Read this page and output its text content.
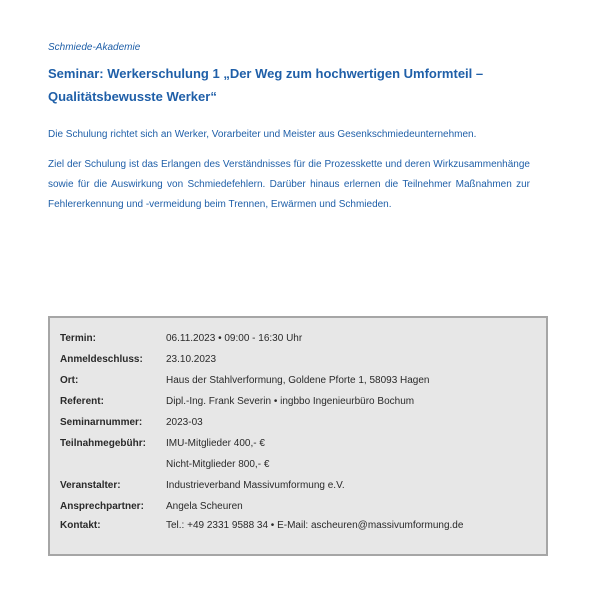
Schmiede-Akademie
Seminar: Werkerschulung 1 „Der Weg zum hochwertigen Umformteil –
Qualitätsbewusste Werker“
Die Schulung richtet sich an Werker, Vorarbeiter und Meister aus Gesenkschmiedeunternehmen.
Ziel der Schulung ist das Erlangen des Verständnisses für die Prozesskette und deren Wirkzusammenhänge sowie für die Auswirkung von Schmiedefehlern. Darüber hinaus erlernen die Teilnehmer Maßnahmen zur Fehlererkennung und -vermeidung beim Trennen, Erwärmen und Schmieden.
Termin:	06.11.2023 • 09:00 - 16:30 Uhr
Anmeldeschluss: 23.10.2023
Ort:	Haus der Stahlverformung, Goldene Pforte 1, 58093 Hagen
Referent:	Dipl.-Ing. Frank Severin • ingbbo Ingenieurbüro Bochum
Seminarnummer: 2023-03
Teilnahmegebühr: IMU-Mitglieder 400,- €
Nicht-Mitglieder 800,- €
Veranstalter:	Industrieverband Massivumformung e.V.
Ansprechpartner: Angela Scheuren
Kontakt:	Tel.: +49 2331 9588 34 • E-Mail: ascheuren@massivumformung.de
